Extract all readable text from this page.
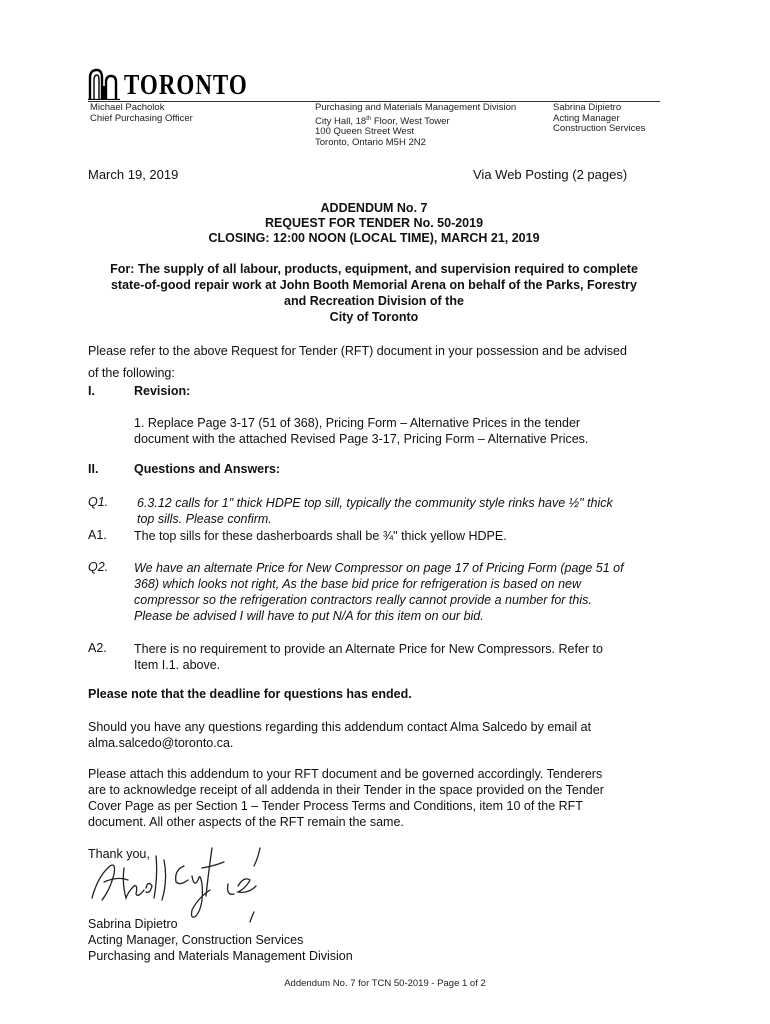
TORONTO
Michael Pacholok
Chief Purchasing Officer
Purchasing and Materials Management Division
City Hall, 18th Floor, West Tower
100 Queen Street West
Toronto, Ontario M5H 2N2
Sabrina Dipietro
Acting Manager
Construction Services
March 19, 2019	Via Web Posting (2 pages)
ADDENDUM No. 7
REQUEST FOR TENDER No. 50-2019
CLOSING: 12:00 NOON (LOCAL TIME), MARCH 21, 2019
For: The supply of all labour, products, equipment, and supervision required to complete
state-of-good repair work at John Booth Memorial Arena on behalf of the Parks, Forestry
and Recreation Division of the
City of Toronto
Please refer to the above Request for Tender (RFT) document in your possession and be advised
of the following:
I.	Revision:
1. Replace Page 3-17 (51 of 368), Pricing Form – Alternative Prices in the tender
document with the attached Revised Page 3-17, Pricing Form – Alternative Prices.
II.	Questions and Answers:
Q1. 6.3.12 calls for 1" thick HDPE top sill, typically the community style rinks have ½" thick
top sills. Please confirm.
A1. The top sills for these dasherboards shall be ¾" thick yellow HDPE.
Q2. We have an alternate Price for New Compressor on page 17 of Pricing Form (page 51 of
368) which looks not right, As the base bid price for refrigeration is based on new
compressor so the refrigeration contractors really cannot provide a number for this.
Please be advised I will have to put N/A for this item on our bid.
A2. There is no requirement to provide an Alternate Price for New Compressors. Refer to
Item I.1. above.
Please note that the deadline for questions has ended.
Should you have any questions regarding this addendum contact Alma Salcedo by email at
alma.salcedo@toronto.ca.
Please attach this addendum to your RFT document and be governed accordingly. Tenderers
are to acknowledge receipt of all addenda in their Tender in the space provided on the Tender
Cover Page as per Section 1 – Tender Process Terms and Conditions, item 10 of the RFT
document. All other aspects of the RFT remain the same.
Thank you,
Sabrina Dipietro
Acting Manager, Construction Services
Purchasing and Materials Management Division
Addendum No. 7 for TCN 50-2019 - Page 1 of 2
